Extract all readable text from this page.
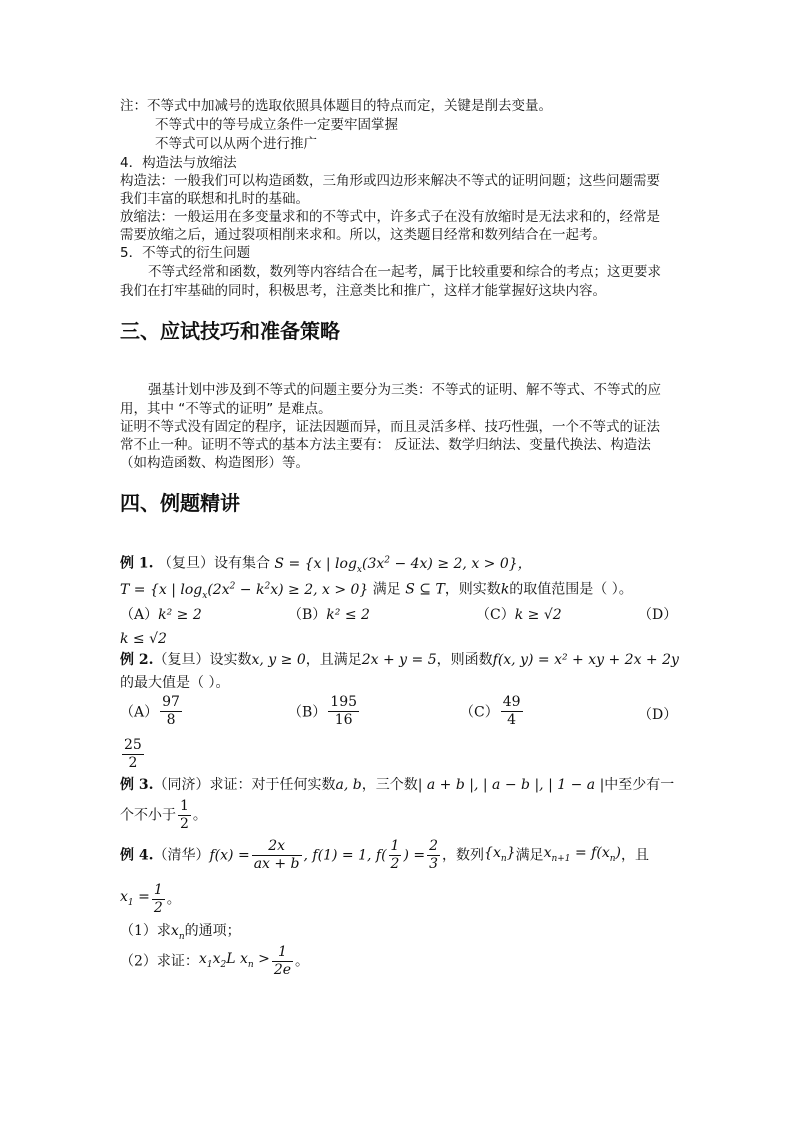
注：不等式中加减号的选取依照具体题目的特点而定，关键是削去变量。
不等式中的等号成立条件一定要牢固掌握
不等式可以从两个进行推广
4．构造法与放缩法
构造法：一般我们可以构造函数，三角形或四边形来解决不等式的证明问题；这些问题需要
我们丰富的联想和扎时的基础。
放缩法：一般运用在多变量求和的不等式中，许多式子在没有放缩时是无法求和的，经常是
需要放缩之后，通过裂项相削来求和。所以，这类题目经常和数列结合在一起考。
5．不等式的衍生问题
不等式经常和函数，数列等内容结合在一起考，属于比较重要和综合的考点；这更要求
我们在打牢基础的同时，积极思考，注意类比和推广，这样才能掌握好这块内容。
三、应试技巧和准备策略
强基计划中涉及到不等式的问题主要分为三类：不等式的证明、解不等式、不等式的应
用，其中 “不等式的证明” 是难点。
证明不等式没有固定的程序，证法因题而异，而且灵活多样、技巧性强，一个不等式的证法
常不止一种。证明不等式的基本方法主要有： 反证法、数学归纳法、变量代换法、构造法
（如构造函数、构造图形）等。
四、例题精讲
例 1. （复旦）设有集合 S = {x | $\log_x(3x^2 - 4x) \ge 2$, x > 0}，
T = {x | $\log_x(2x^2 - k^2x) \ge 2$, x > 0} 满足 S ⊆ T，则实数k的取值范围是（ ）。
（A）k² ≥ 2	（B）k² ≤ 2	（C）k ≥ √2	（D）
k ≤ √2
例 2.（复旦）设实数x, y ≥ 0，且满足2x + y = 5，则函数f(x, y) = x² + xy + 2x + 2y
的最大值是（ ）。
$(A) \frac{97}{8}$	$(B) \frac{195}{16}$	$(C) \frac{49}{4}$	（D）
$\frac{25}{2}$
例 3.（同济）求证：对于任何实数a, b，三个数| a + b |, | a − b |, | 1 − a |中至少有一
个不小于 $\frac{1}{2}$ 。
例 4.（清华）$f(x) = \frac{2x}{ax + b}$ , f(1) = 1, $f( \frac{1}{2}$ ) = $\frac{2}{3}$ ，数列$\{x_n\}$满足$x_{n+1} = f(x_n)$，且
$x_1 = \frac{1}{2}$ 。
（1）求$x_n$的通项；
（2）求证：$x_1x_2L$ $x_n > \frac{1}{2e}$ 。
